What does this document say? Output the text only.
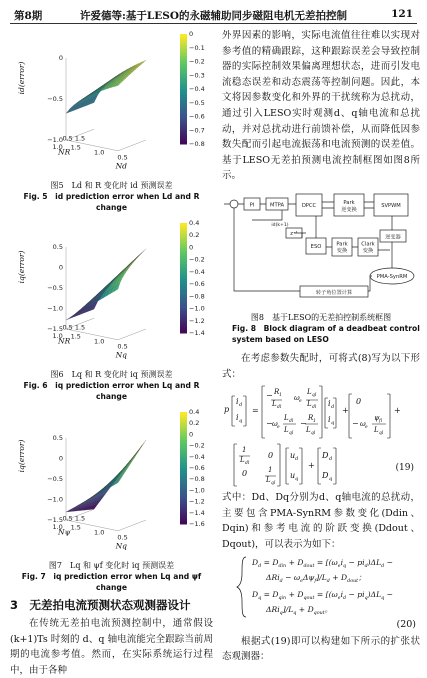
第8期	许爱德等:基于LESO的永磁辅助同步磁阻电机无差拍控制	121
0
−0.1
−0.2
−0.3
−0.4
−0.5
−0.6
−0.7
−0.8
0
−0.5
−1.0
1.5
1.0
0.5
1.0
0.5 1.5
id(error)
Nd
NR
图5　Ld 和 R 变化时 id 预测误差
Fig. 5　id prediction error when Ld and R change
0.4
0.2
0
−0.2
−0.4
−0.6
−0.8
−1.0
−1.2
−1.4
0.5
0
−0.5
−1.0
−1.5
1.5
1.0
0.5
1.0
0.5 1.5
iq(error)
Nq
NR
图6　Lq 和 R 变化时 iq 预测误差
Fig. 6　iq prediction error when Lq and R change
0.4
0.2
0
−0.2
−0.4
−0.6
−0.8
−1.0
−1.2
−1.4
−1.6
0.5
0
−0.5
−1.0
−1.5
1.5
1.0
0.5
1.0
0.5 1.5
iq(error)
Nq
Nψ
图7　Lq 和 ψf 变化时 iq 预测误差
Fig. 7　iq prediction error when Lq and ψf change
3　无差拍电流预测状态观测器设计

在传统无差拍电流预测控制中，通常假设(k+1)Ts 时刻的 d、q 轴电流能完全跟踪当前周期的电流参考值。然而，在实际系统运行过程中，由于各种

外界因素的影响，实际电流值往往难以实现对参考值的精确跟踪，这种跟踪误差会导致控制器的实际控制效果偏离理想状态，进而引发电流稳态误差和动态震荡等控制问题。因此，本文将因参数变化和外界的干扰统称为总扰动，通过引入LESO实时观测d、q轴电流和总扰动，并对总扰动进行前馈补偿，从而降低因参数失配而引起电流振荡和电流预测的误差值。基于LESO无差拍预测电流控制框图如图8所示。

PI	MTPA	DPCC	Park
逆变换
SVPWM
逆变器
ESO	Park
变换
Clark
变换
z⁻¹
id(k+1)
PMA-SynRM
转子角位置计算
图8　基于LESO的无差拍控制系统框图
Fig. 8　Block diagram of a deadbeat control system based on LESO

在考虑参数失配时，可将式(8)写为以下形式：

p
i d
i q
=
− R 1
L dl
ω e
L ql
L dl
− ω e
L dl
L ql
−
R 1
L ql
i d
i q
+
0
− ω e
ψ fl
L ql
+
1
L dl
0
0	1
L ql
u d
u q
+
D d
D q
(19)

式中：Dd、Dq分别为d、q轴电流的总扰动，主要包含PMA-SynRM参数变化(Ddin、Dqin)和参考电流的阶跃变换(Ddout、Dqout)，可以表示为如下：

$D_d = D_{din} + D_{dout} = [(\omega_ei_q - pi_d)\Delta L_d$ −
$\Delta Ri_d - \omega_e\Delta\psi_f]/L_d + D_{dout}$；
$D_q = D_{qin} + D_{qout} = [(\omega_ei_d - pi_q)\Delta L_q$ −
$\Delta Ri_q]/L_q + D_{qout}$。
(20)

根据式(19)即可以构建如下所示的扩张状态观测器：
